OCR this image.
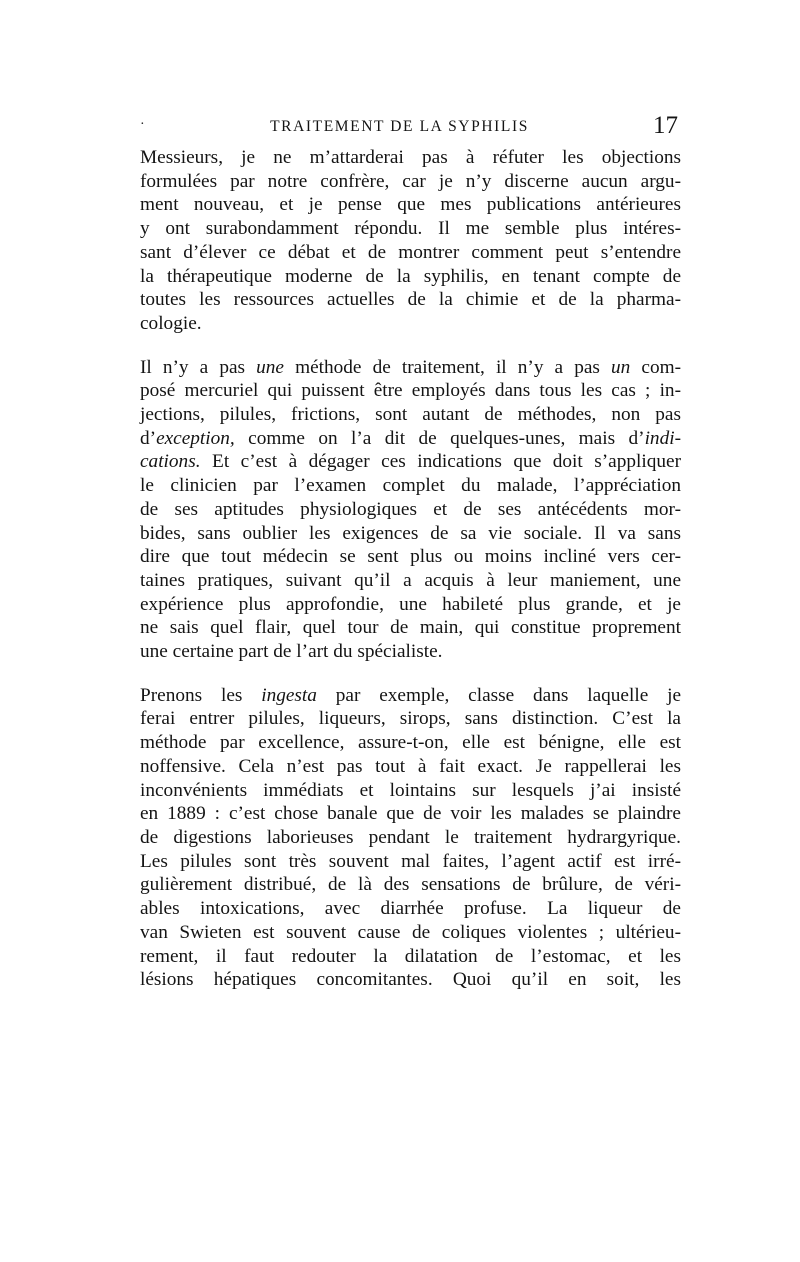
·	TRAITEMENT DE LA SYPHILIS	17

Messieurs, je ne m’attarderai pas à réfuter les objections
formulées par notre confrère, car je n’y discerne aucun argu-
ment nouveau, et je pense que mes publications antérieures
y ont surabondamment répondu. Il me semble plus intéres-
sant d’élever ce débat et de montrer comment peut s’entendre
la thérapeutique moderne de la syphilis, en tenant compte de
toutes les ressources actuelles de la chimie et de la pharma-
cologie.

Il n’y a pas une méthode de traitement, il n’y a pas un com-
posé mercuriel qui puissent être employés dans tous les cas ; in-
jections, pilules, frictions, sont autant de méthodes, non pas
d’exception, comme on l’a dit de quelques-unes, mais d’indi-
cations. Et c’est à dégager ces indications que doit s’appliquer
le clinicien par l’examen complet du malade, l’appréciation
de ses aptitudes physiologiques et de ses antécédents mor-
bides, sans oublier les exigences de sa vie sociale. Il va sans
dire que tout médecin se sent plus ou moins incliné vers cer-
taines pratiques, suivant qu’il a acquis à leur maniement, une
expérience plus approfondie, une habileté plus grande, et je
ne sais quel flair, quel tour de main, qui constitue proprement
une certaine part de l’art du spécialiste.

Prenons les ingesta par exemple, classe dans laquelle je
ferai entrer pilules, liqueurs, sirops, sans distinction. C’est la
méthode par excellence, assure-t-on, elle est bénigne, elle est
noffensive. Cela n’est pas tout à fait exact. Je rappellerai les
inconvénients immédiats et lointains sur lesquels j’ai insisté
en 1889 : c’est chose banale que de voir les malades se plaindre
de digestions laborieuses pendant le traitement hydrargyrique.
Les pilules sont très souvent mal faites, l’agent actif est irré-
gulièrement distribué, de là des sensations de brûlure, de véri-
ables intoxications, avec diarrhée profuse. La liqueur de
van Swieten est souvent cause de coliques violentes ; ultérieu-
rement, il faut redouter la dilatation de l’estomac, et les
lésions hépatiques concomitantes. Quoi qu’il en soit, les
